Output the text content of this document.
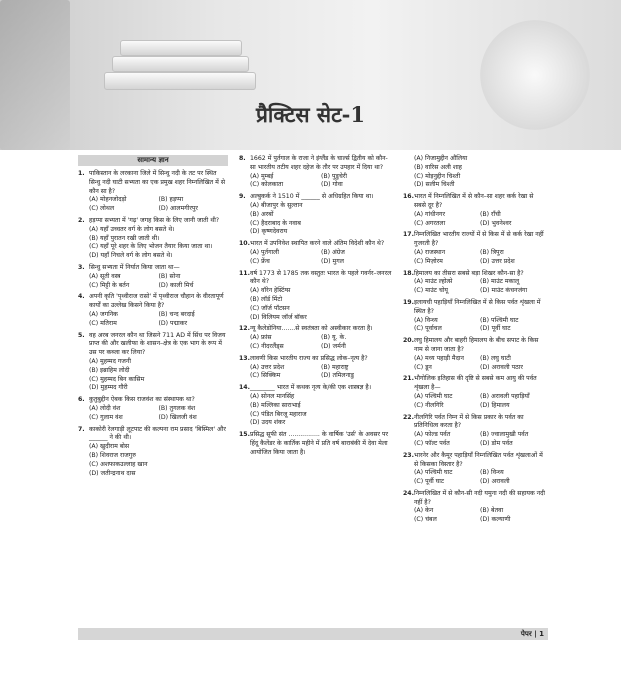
प्रैक्टिस सेट-1
सामान्य ज्ञान
1. पाकिस्तान के लरकाना जिले में सिन्धु नदी के तट पर स्थित सिन्धु नदी घाटी सभ्यता का एक प्रमुख शहर निम्नलिखित में से कौन सा है?
(A) मोहनजोदड़ो	(B) हड़प्पा
(C) लोथल	(D) आलमगीरपुर
2. हड़प्पा सभ्यता में 'गढ़' जगह किस के लिए जानी जाती थी?
(A) यहाँ उच्चतर वर्ग के लोग बसते थे।
(B) यहाँ पुरातन रखी जाती थी।
(C) यहाँ पूरे शहर के लिए भोजन तैयार किया जाता था।
(D) यहाँ निचले वर्ग के लोग बसते थे।
3. सिन्धु सभ्यता में निर्यात किया जाता था—
(A) सूती वस्त्र	(B) सोना
(C) मिट्टी के बर्तन	(D) काली मिर्च
4. अपनी कृति 'पृथ्वीराज रासो' में पृथ्वीराज चौहान के वीरतापूर्ण कार्यों का उल्लेख किसने किया है?
(A) जगनिक	(B) चन्द बरदाई
(C) मतिराम	(D) पद्माकर
5. वह अरब जनरल कौन था जिसने 711 AD में सिंध पर विजय प्राप्त की और खलीफा के शासन–क्षेत्र के एक भाग के रूप में उस पर कब्जा कर लिया?
(A) मुहम्मद गजनी
(B) इब्राहिम लोदी
(C) मुहम्मद बिन कासिम
(D) मुहम्मद गौरी
6. कुतुबुद्दीन ऐबक किस राजवंश का संस्थापक था?
(A) लोदी वंश	(B) तुगलक वंश
(C) गुलाम वंश	(D) खिलजी वंश
7. काकोरी रेलगाड़ी लूटपाट की कल्पना राम प्रसाद 'बिस्मिल' और ______ ने की थी।
(A) खुदीराम बोस
(B) शिवराज राजगुरु
(C) अशफाकउल्लाह खान
(D) जतीन्द्रनाथ दास
8. 1662 में पुर्तगाल के राजा ने इंग्लैंड के चार्ल्स द्वितीय को कौन-सा भारतीय तटीय शहर दहेज के तौर पर उपहार में दिया था?
(A) मुम्बई	(B) पुडुचेरी
(C) कोलकाता	(D) गोवा
9. अल्बुकर्क ने 1510 में ______ से अधिग्रहित किया था।
(A) बीजापुर के सुल्तान
(B) अरबों
(C) हैदराबाद के नवाब
(D) कृष्णदेवराय
10. भारत में उपनिवेश स्थापित करने वाले अंतिम विदेशी कौन थे?
(A) पुर्तगाली	(B) अंग्रेज
(C) फ्रेंच	(D) मुगल
11. वर्ष 1773 से 1785 तक वस्तुतः भारत के पहले गवर्नर–जनरल कौन थे?
(A) वॉरेन हेस्टिंग्स
(B) लॉर्ड मिंटो
(C) जॉर्ज पॉटसन
(D) विलियम जॉर्ज बॉकर
12. न्यू कैलेडोनिया.......से स्वतंत्रता को अस्वीकार करता है।
(A) फ्रांस	(B) यू. के.
(C) नीदरलैंड्स	(D) जर्मनी
13. लावणी किस भारतीय राज्य का प्रसिद्ध लोक–नृत्य है?
(A) उत्तर प्रदेश	(B) महाराष्ट्र
(C) सिक्किम	(D) तमिलनाडु
14. ________ भारत में कथक नृत्य के/की एक शास्त्रज्ञ है।
(A) सोनल मानसिंह
(B) मल्लिका साराभाई
(C) पंडित बिरजू महाराज
(D) उदय शंकर
15. प्रसिद्ध सूफी संत ................ के वार्षिक 'उर्स' के अवसर पर हिंदू कैलेंडर के कार्तिक महीने में प्रति वर्ष बाराबंकी में देवा मेला आयोजित किया जाता है।
(A) निजामुद्दीन औलिया
(B) वारिस अली शाह
(C) मोइनुद्दीन चिश्ती
(D) सलीम चिश्ती
16. भारत में निम्नलिखित में से कौन–सा शहर कर्क रेखा से सबसे दूर है?
(A) गांधीनगर	(B) राँची
(C) अगरतला	(D) भुवनेश्वर
17. निम्नलिखित भारतीय राज्यों में से किस में से कर्क रेखा नहीं गुजरती है?
(A) राजस्थान	(B) त्रिपुरा
(C) मिज़ोरम	(D) उत्तर प्रदेश
18. हिमालय का तीसरा सबसे बड़ा शिखर कौन-सा है?
(A) माउंट ल्होत्से	(B) माउंट मकालू
(C) माउंट चोयू	(D) माउंट कंचनजंगा
19. इलायची पहाड़ियाँ निम्नलिखित में से किस पर्वत शृंखला में स्थित है?
(A) विन्ध्य	(B) पश्चिमी घाट
(C) पूर्वाचल	(D) पूर्वी घाट
20. लघु हिमालय और बाहरी हिमालय के बीच सपाट के किस नाम से जाना जाता है?
(A) मध्य पहाड़ी मैदान	(B) लघु घाटी
(C) डून	(D) अरावली पठार
21. भौगोलिक इतिहास की दृष्टि से सबसे कम आयु की पर्वत शृंखला है—
(A) पश्चिमी घाट	(B) अरावली पहाड़ियाँ
(C) नीलगिरि	(D) हिमालय
22. नीलगिरि पर्वत निम्न में से किस प्रकार के पर्वत का प्रतिनिधित्व करता है?
(A) फोल्ड पर्वत	(B) ज्वालामुखी पर्वत
(C) फॉल्ट पर्वत	(D) डोम पर्वत
23. भारनेर और कैमूर पहाड़ियाँ निम्नलिखित पर्वत शृंखलाओं में से किसका विस्तार है?
(A) पश्चिमी घाट	(B) विन्ध्य
(C) पूर्वी घाट	(D) अरावली
24. निम्नलिखित में से कौन-सी नदी यमुना नदी की सहायक नदी नहीं है?
(A) केन	(B) बेतवा
(C) चंबल	(D) कल्याणी
पेपर | 1
